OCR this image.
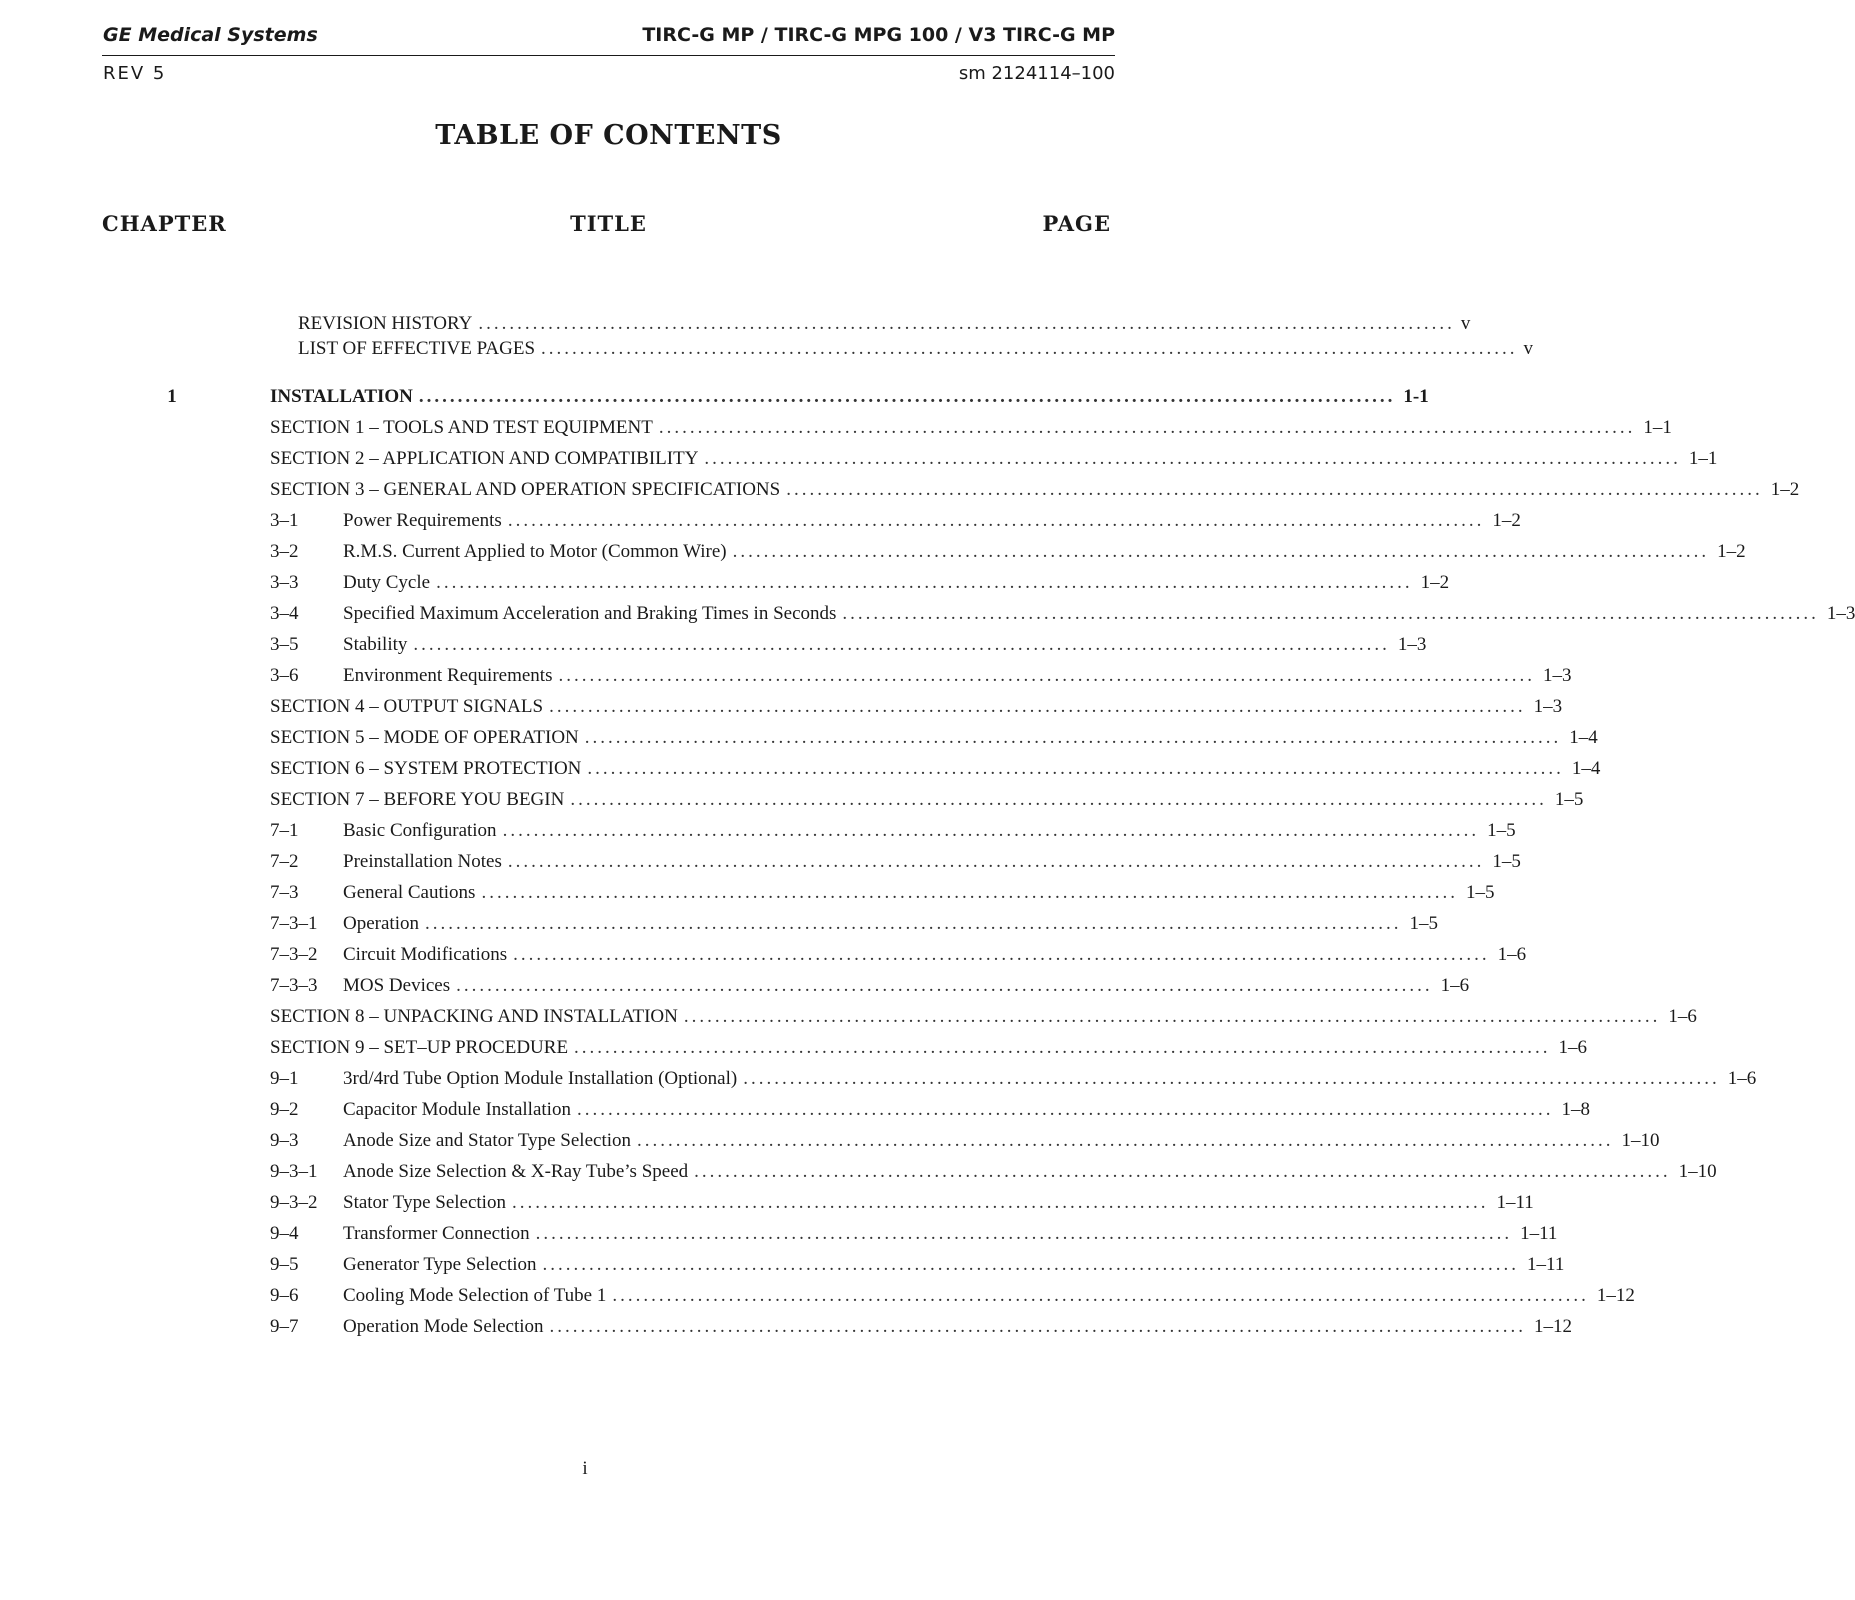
GE Medical Systems	TIRC-G MP / TIRC-G MPG 100 / V3 TIRC-G MP
REV 5	sm 2124114–100
TABLE OF CONTENTS
CHAPTER	TITLE	PAGE
REVISION HISTORY .............................................................................................................................. v
LIST OF EFFECTIVE PAGES .............................................................................................................................. v
1	INSTALLATION .............................................................................................................................. 1-1
SECTION 1 – TOOLS AND TEST EQUIPMENT .............................................................................................................................. 1–1
SECTION 2 – APPLICATION AND COMPATIBILITY .............................................................................................................................. 1–1
SECTION 3 – GENERAL AND OPERATION SPECIFICATIONS .............................................................................................................................. 1–2
3–1	Power Requirements .............................................................................................................................. 1–2
3–2	R.M.S. Current Applied to Motor (Common Wire) .............................................................................................................................. 1–2
3–3	Duty Cycle .............................................................................................................................. 1–2
3–4	Specified Maximum Acceleration and Braking Times in Seconds .............................................................................................................................. 1–3
3–5	Stability .............................................................................................................................. 1–3
3–6	Environment Requirements .............................................................................................................................. 1–3
SECTION 4 – OUTPUT SIGNALS .............................................................................................................................. 1–3
SECTION 5 – MODE OF OPERATION .............................................................................................................................. 1–4
SECTION 6 – SYSTEM PROTECTION .............................................................................................................................. 1–4
SECTION 7 – BEFORE YOU BEGIN .............................................................................................................................. 1–5
7–1	Basic Configuration .............................................................................................................................. 1–5
7–2	Preinstallation Notes .............................................................................................................................. 1–5
7–3	General Cautions .............................................................................................................................. 1–5
7–3–1	Operation .............................................................................................................................. 1–5
7–3–2	Circuit Modifications .............................................................................................................................. 1–6
7–3–3	MOS Devices .............................................................................................................................. 1–6
SECTION 8 – UNPACKING AND INSTALLATION .............................................................................................................................. 1–6
SECTION 9 – SET–UP PROCEDURE .............................................................................................................................. 1–6
9–1	3rd/4rd Tube Option Module Installation (Optional) .............................................................................................................................. 1–6
9–2	Capacitor Module Installation .............................................................................................................................. 1–8
9–3	Anode Size and Stator Type Selection .............................................................................................................................. 1–10
9–3–1	Anode Size Selection & X-Ray Tube’s Speed .............................................................................................................................. 1–10
9–3–2	Stator Type Selection .............................................................................................................................. 1–11
9–4	Transformer Connection .............................................................................................................................. 1–11
9–5	Generator Type Selection .............................................................................................................................. 1–11
9–6	Cooling Mode Selection of Tube 1 .............................................................................................................................. 1–12
9–7	Operation Mode Selection .............................................................................................................................. 1–12
i
